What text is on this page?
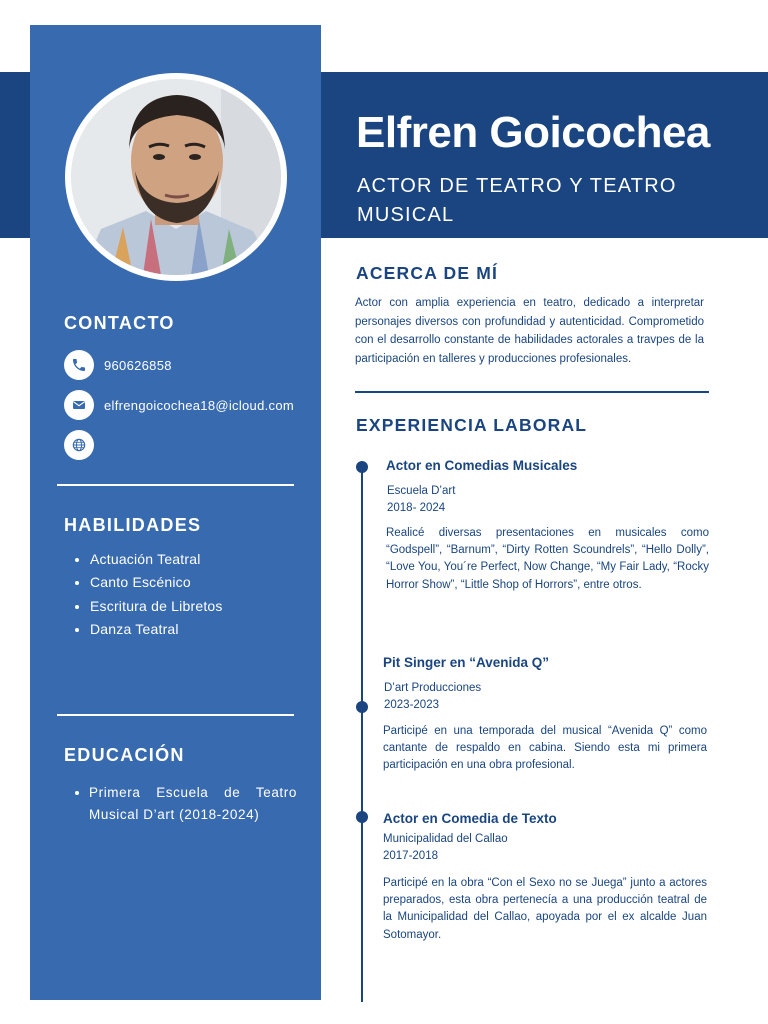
Elfren Goicochea
ACTOR DE TEATRO Y TEATRO MUSICAL
CONTACTO
960626858
elfrengoicochea18@icloud.com
HABILIDADES
Actuación Teatral
Canto Escénico
Escritura de Libretos
Danza Teatral
EDUCACIÓN
Primera Escuela de Teatro Musical D’art (2018-2024)
ACERCA DE MÍ
Actor con amplia experiencia en teatro, dedicado a interpretar personajes diversos con profundidad y autenticidad. Comprometido con el desarrollo constante de habilidades actorales a travpes de la participación en talleres y producciones profesionales.
EXPERIENCIA LABORAL
Actor en Comedias Musicales
Escuela D’art
2018- 2024
Realicé diversas presentaciones en musicales como “Godspell”, “Barnum”, “Dirty Rotten Scoundrels”, “Hello Dolly”, “Love You, You´re Perfect, Now Change, “My Fair Lady, “Rocky Horror Show”, “Little Shop of Horrors”, entre otros.
Pit Singer en “Avenida Q”
D’art Producciones
2023-2023
Participé en una temporada del musical “Avenida Q” como cantante de respaldo en cabina. Siendo esta mi primera participación en una obra profesional.
Actor en Comedia de Texto
Municipalidad del Callao
2017-2018
Participé en la obra “Con el Sexo no se Juega” junto a actores preparados, esta obra pertenecía a una producción teatral de la Municipalidad del Callao, apoyada por el ex alcalde Juan Sotomayor.
